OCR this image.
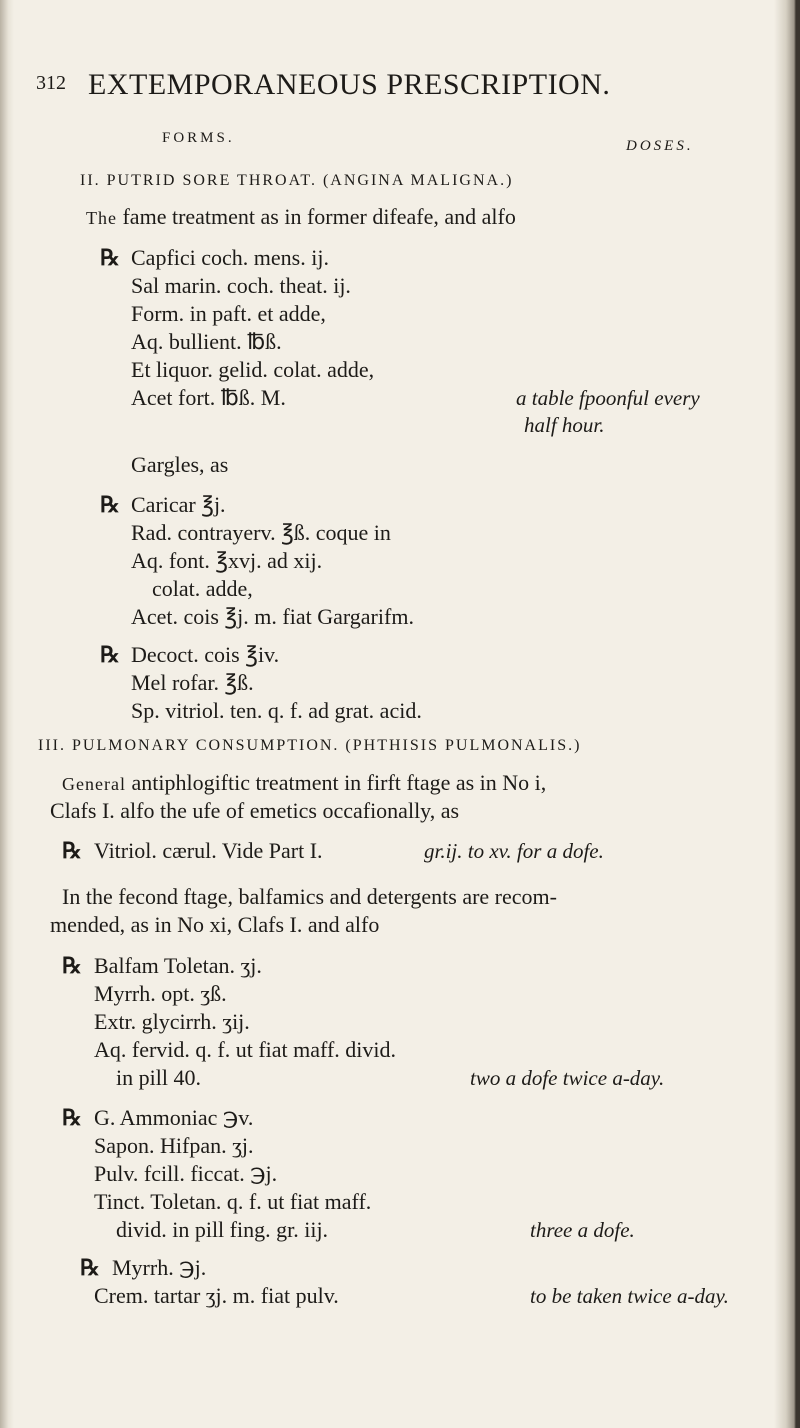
312 EXTEMPORANEOUS PRESCRIPTION.
FORMS.	DOSES.
II. PUTRID SORE THROAT. (ANGINA MALIGNA.)
The fame treatment as in former difeafe, and alfo
℞ Capfici coch. mens. ij.
Sal marin. coch. theat. ij.
Form. in paft. et adde,
Aq. bullient. ℔ß.
Et liquor. gelid. colat. adde,
Acet fort. ℔ß. M.	a table fpoonful every
half hour.
Gargles, as
℞ Caricar ℥j.
Rad. contrayerv. ℥ß. coque in
Aq. font. ℥xvj. ad xij.
colat. adde,
Acet. cois ℥j. m. fiat Gargarifm.
℞ Decoct. cois ℥iv.
Mel rofar. ℥ß.
Sp. vitriol. ten. q. f. ad grat. acid.
III. PULMONARY CONSUMPTION. (PHTHISIS PULMONALIS.)
General antiphlogiftic treatment in firft ftage as in No i,
Clafs I. alfo the ufe of emetics occafionally, as
℞ Vitriol. cærul. Vide Part I.	gr.ij. to xv. for a dofe.
In the fecond ftage, balfamics and detergents are recom-
mended, as in No xi, Clafs I. and alfo
℞ Balfam Toletan. ʒj.
Myrrh. opt. ʒß.
Extr. glycirrh. ʒij.
Aq. fervid. q. f. ut fiat maff. divid.
in pill 40.	two a dofe twice a-day.
℞ G. Ammoniac ℈v.
Sapon. Hifpan. ʒj.
Pulv. fcill. ficcat. ℈j.
Tinct. Toletan. q. f. ut fiat maff.
divid. in pill fing. gr. iij.	three a dofe.
℞ Myrrh. ℈j.
Crem. tartar ʒj. m. fiat pulv.	to be taken twice a-day.
